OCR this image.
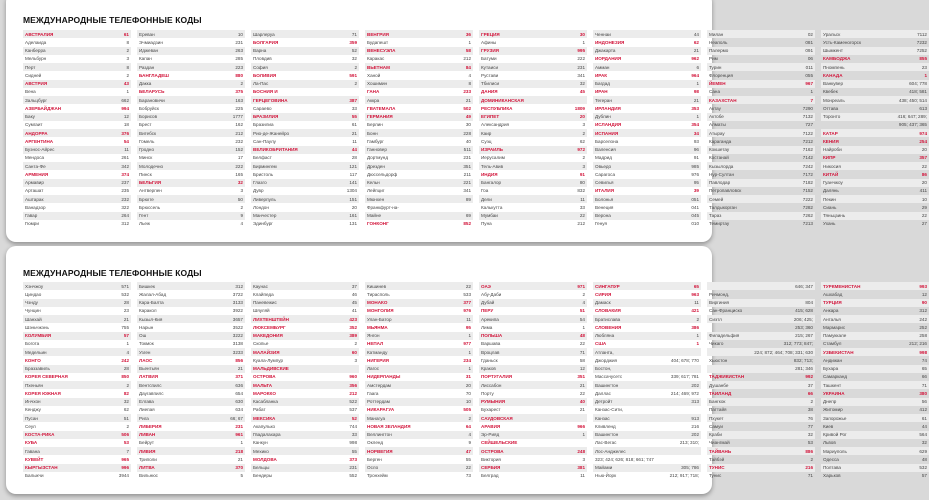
МЕЖДУНАРОДНЫЕ ТЕЛЕФОННЫЕ КОДЫ
АВСТРАЛИЯ	61
Аделаида	8
Канберра	2
Мельбурн	3
Перт	8
Сидней	2
АВСТРИЯ	43
Вена	1
Зальцбург	662
АЗЕРБАЙДЖАН	994
Баку	12
Сумгаит	18
АНДОРРА	376
АРГЕНТИНА	54
Буэнос-Айрес	11
Мендоса	261
Санта-Фе	342
АРМЕНИЯ	374
Армавир	237
Арташат	235
Аштарак	232
Ванадзор	322
Гавар	264
Гюмри	312
Ереван	10
Эчмиадзин	231
Иджеван	263
Капан	285
Раздан	223
БАНГЛАДЕШ	880
Дакка	2
БЕЛАРУСЬ	375
Барановичи	163
Бобруйск	225
Борисов	1777
Брест	162
Витебск	212
Гомель	232
Гродно	152
Минск	17
Молодечно	222
Пинск	165
БЕЛЬГИЯ	32
Антверпен	3
Брюгге	50
Брюссель	2
Гент	9
Льеж	4
Шарлеруа	71
БОЛГАРИЯ	359
Варна	52
Пловдив	32
София	2
БОЛИВИЯ	591
Ла-Пас	2
БОСНИЯ И
ГЕРЦЕГОВИНА	387
Сараево	33
БРАЗИЛИЯ	55
Бразилиа	61
Рио-де-Жанейро	21
Сан-Паулу	11
ВЕЛИКОБРИТАНИЯ	44
Белфаст	28
Бирмингем	121
Бристоль	117
Глазго	141
Дувр	1304
Ливерпуль	151
Лондон	20
Манчестер	161
Эдинбург	131
ВЕНГРИЯ	36
Будапешт	1
ВЕНЕСУЭЛА	58
Каракас	212
ВЬЕТНАМ	84
Ханой	4
Хошимин	8
ГАНА	233
Аккра	21
ГВАТЕМАЛА	502
ГЕРМАНИЯ	49
Берлин	30
Бонн	228
Гамбург	40
Ганновер	511
Дортмунд	231
Дрезден	351
Дюссельдорф	211
Кельн	221
Лейпциг	341
Мюнхен	89
Франкфурт-на-
Майне	69
ГОНКОНГ	852
ГРЕЦИЯ	30
Афины	1
ГРУЗИЯ	995
Батуми	222
Кутаиси	231
Рустави	341
Тбилиси	32
ДАНИЯ	45
ДОМИНИКАНСКАЯ
РЕСПУБЛИКА	1809
ЕГИПЕТ	20
Александрия	3
Каир	2
Суэц	62
ИЗРАИЛЬ	972
Иерусалим	2
Тель-Авив	3
ИНДИЯ	91
Бангалор	80
Гоа	832
Дели	11
Калькутта	33
Мумбаи	22
Пуна	212
Ченнаи	44
ИНДОНЕЗИЯ	62
Джакарта	21
ИОРДАНИЯ	962
Амман	6
ИРАК	964
Багдад	1
ИРАН	98
Тегеран	21
ИРЛАНДИЯ	353
Дублин	1
ИСЛАНДИЯ	354
ИСПАНИЯ	34
Барселона	93
Валенсия	96
Мадрид	91
Овьедо	985
Сарагоса	976
Севилья	95
ИТАЛИЯ	39
Болонья	051
Венеция	041
Верона	045
Генуя	010
Милан	02
Неаполь	081
Палермо	091
Рим	06
Турин	011
Флоренция	055
ЙЕМЕН	967
Сана	1
КАЗАХСТАН	7
Актау	7290
Актобе	7132
Алматы	727
Атырау	7122
Караганда	7212
Кокшетау	7162
Костанай	7142
Кызылорда	7242
Нур-Султан	7172
Павлодар	7182
Петропавловск	7152
Семей	7222
Талдыкорган	7282
Тараз	7262
Темиртау	7213
Уральск	7112
Усть-Каменогорск	7232
Шымкент	7252
КАМБОДЖА	855
Пномпень	23
КАНАДА	1
Ванкувер	604; 778
Квебек	418; 581
Монреаль	438; 450; 514
Оттава	613
Торонто	416; 647; 289;
905; 437; 365
КАТАР	974
КЕНИЯ	254
Найроби	20
КИПР	357
Никосия	22
КИТАЙ	86
Гуанчжоу	20
Далянь	411
Пекин	10
Сиань	29
Тяньцзинь	22
Ухань	27
МЕЖДУНАРОДНЫЕ ТЕЛЕФОННЫЕ КОДЫ
Хэнчжоу	571
Циндао	532
Чэнду	28
Чунцин	23
Шанхай	21
Шэньчжэнь	755
КОЛУМБИЯ	57
Богота	1
Медельин	4
КОНГО	242
Браззавиль	28
КОРЕЯ СЕВЕРНАЯ	850
Пхеньян	2
КОРЕЯ ЮЖНАЯ	82
Инчхон	32
Кенджу	62
Пусан	51
Сеул	2
КОСТА-РИКА	506
КУБА	53
Гавана	7
КУВЕЙТ	965
КЫРГЫЗСТАН	996
Балыкчи	3944
Бишкек	312
Жалал-Абад	3722
Кара-Балта	3133
Каракол	3922
Кызыл-Кия	3657
Нарын	3522
Ош	3222
Токмок	3138
Узген	3233
ЛАОС	856
Вьентьян	21
ЛАТВИЯ	371
Вентспилс	636
Даугавпилс	654
Елгава	630
Лиепая	634
Рига	66; 67
ЛИБЕРИЯ	231
ЛИВАН	961
Бейрут	1
ЛИВИЯ	218
Триполи	21
ЛИТВА	370
Вильнюс	5
Каунас	37
Клайпеда	46
Паневежис	45
Шяуляй	41
ЛИХТЕНШТЕЙН	423
ЛЮКСЕМБУРГ	352
МАКЕДОНИЯ	389
Скопье	2
МАЛАЙЗИЯ	60
Куала-Лумпур	3
МАЛЬДИВСКИЕ
ОСТРОВА	960
МАЛЬТА	356
МАРОККО	212
Касабланка	522
Рабат	537
МЕКСИКА	52
Акапулько	744
Гвадалахара	33
Канкун	998
Мехико	55
МОЛДОВА	373
Бельцы	231
Бендеры	552
Кишинев	22
Тирасполь	533
МОНАКО	377
МОНГОЛИЯ	976
Улан-Батор	11
МЬЯНМА	95
Янгон	1
НЕПАЛ	977
Катманду	1
НИГЕРИЯ	234
Лагос	1
НИДЕРЛАНДЫ	31
Амстердам	20
Гаага	70
Роттердам	10
НИКАРАГУА	505
Манагуа	2
НОВАЯ ЗЕЛАНДИЯ	64
Веллингтон	4
Окленд	9
НОРВЕГИЯ	47
Берген	55
Осло	22
Тронхейм	73
ОАЭ	971
Абу-Даби	2
Дубай	4
ПЕРУ	51
Арекипа	54
Лима	1
ПОЛЬША	48
Варшава	22
Вроцлав	71
Гданьск	58
Краков	12
ПОРТУГАЛИЯ	351
Лиссабон	21
Порту	22
РУМЫНИЯ	40
Бухарест	21
САУДОВСКАЯ
АРАВИЯ	966
Эр-Рияд	1
СЕЙШЕЛЬСКИЕ
ОСТРОВА	248
Виктория	3
СЕРБИЯ	381
Белград	11
СИНГАПУР	65
СИРИЯ	963
Дамаск	11
СЛОВАКИЯ	421
Братислава	2
СЛОВЕНИЯ	386
Любляна	1
США	1
Атланта,
Джорджия	404; 678; 770
Бостон,
Массачусетс	339; 617; 781
Вашингтон	202
Даллас	214; 469; 972
Детройт	313
Канзас-Сити,
Канзас	913
Кливленд	216
Вашингтон	202
Лас-Вегас	213; 310;
Лос-Анджелес
323; 424; 626; 818; 661; 747
Майами	305; 786
Нью-Йорк	212; 917; 718;
646; 347
Ричмонд,
Виргиния	804
Сан-Франциско	415; 628
Сиэтл	206; 425;
253; 360
Филадельфия	215; 267
Чикаго	312; 773; 847;
224; 872; 464; 708; 331; 630
Хьюстон	832; 713;
281; 346
ТАДЖИКИСТАН	992
Душанбе	37
ТАИЛАНД	66
Бангкок	2
Паттайя	38
Пхукет	76
Самуи	77
Краби	32
Чиангмай	53
ТАЙВАНЬ	886
Тайбэй	2
ТУНИС	216
Тунис	71
ТУРКМЕНИСТАН	993
Ашхабад	12
ТУРЦИЯ	90
Анкара	312
Анталья	242
Мармарис	252
Памуккале	258
Стамбул	212; 216
УЗБЕКИСТАН	998
Андижан	74
Бухара	65
Самарканд	66
Ташкент	71
УКРАИНА	380
Днепр	56
Житомир	412
Запорожье	61
Киев	44
Кривой Рог	564
Львов	32
Мариуполь	629
Одесса	48
Полтава	532
Харьков	57
